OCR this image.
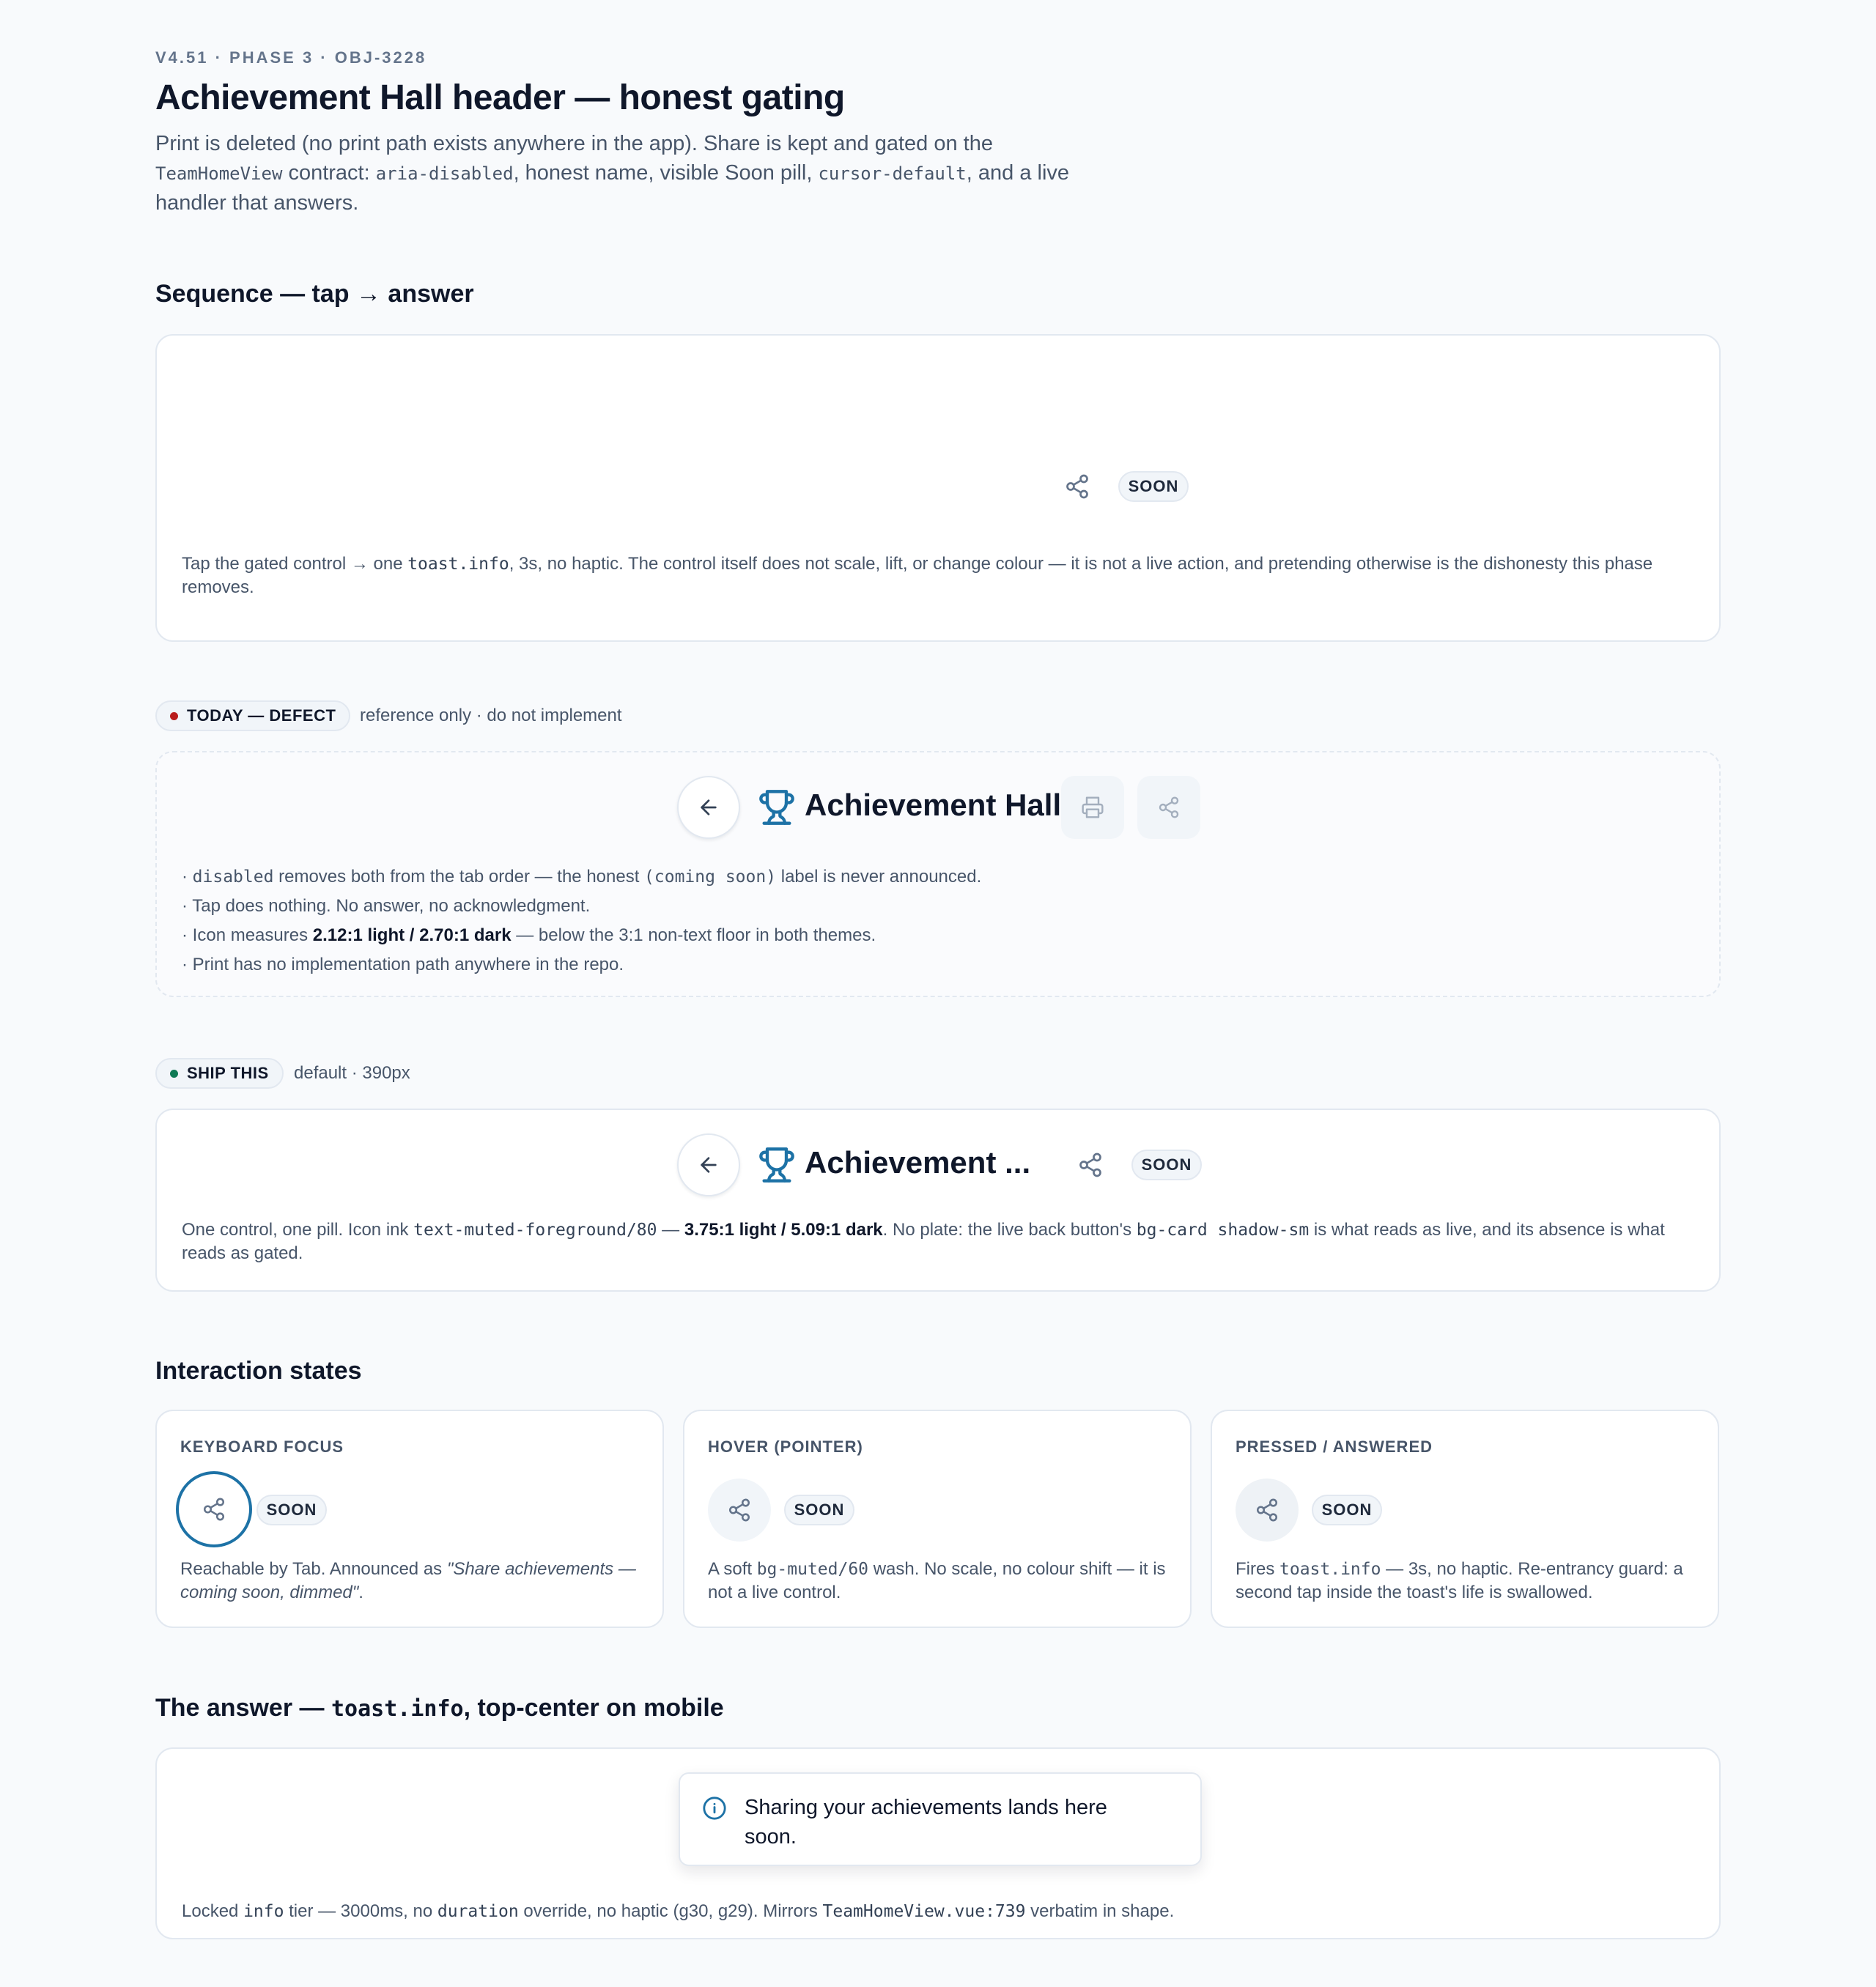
V4.51 · PHASE 3 · OBJ-3228
Achievement Hall header — honest gating
Print is deleted (no print path exists anywhere in the app). Share is kept and gated on the TeamHomeView contract: aria-disabled, honest name, visible Soon pill, cursor-default, and a live handler that answers.
Sequence — tap → answer
SOON
Tap the gated control → one toast.info, 3s, no haptic. The control itself does not scale, lift, or change colour — it is not a live action, and pretending otherwise is the dishonesty this phase removes.
TODAY — DEFECT reference only · do not implement
Achievement Hall
· disabled removes both from the tab order — the honest (coming soon) label is never announced.
· Tap does nothing. No answer, no acknowledgment.
· Icon measures 2.12:1 light / 2.70:1 dark — below the 3:1 non-text floor in both themes.
· Print has no implementation path anywhere in the repo.
SHIP THIS default · 390px
Achievement ...	SOON
One control, one pill. Icon ink text-muted-foreground/80 — 3.75:1 light / 5.09:1 dark. No plate: the live back button's bg-card shadow-sm is what reads as live, and its absence is what reads as gated.
Interaction states
KEYBOARD FOCUS
SOON
Reachable by Tab. Announced as "Share achievements — coming soon, dimmed".
HOVER (POINTER)
SOON
A soft bg-muted/60 wash. No scale, no colour shift — it is not a live control.
PRESSED / ANSWERED
SOON
Fires toast.info — 3s, no haptic. Re-entrancy guard: a second tap inside the toast's life is swallowed.
The answer — toast.info, top-center on mobile
Sharing your achievements lands here soon.
Locked info tier — 3000ms, no duration override, no haptic (g30, g29). Mirrors TeamHomeView.vue:739 verbatim in shape.
